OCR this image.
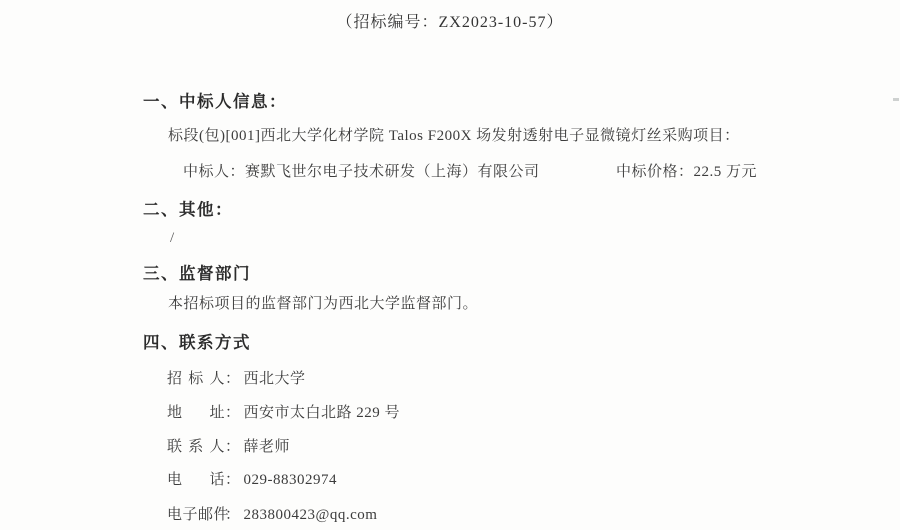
（招标编号：ZX2023-10-57）
一、中标人信息：
标段(包)[001]西北大学化材学院 Talos F200X 场发射透射电子显微镜灯丝采购项目：
中标人：赛默飞世尔电子技术研发（上海）有限公司	中标价格：22.5 万元
二、其他：
/
三、监督部门
本招标项目的监督部门为西北大学监督部门。
四、联系方式
招标人： 西北大学
地址： 西安市太白北路 229 号
联系人： 薛老师
电话： 029-88302974
电子邮件： 283800423@qq.com
